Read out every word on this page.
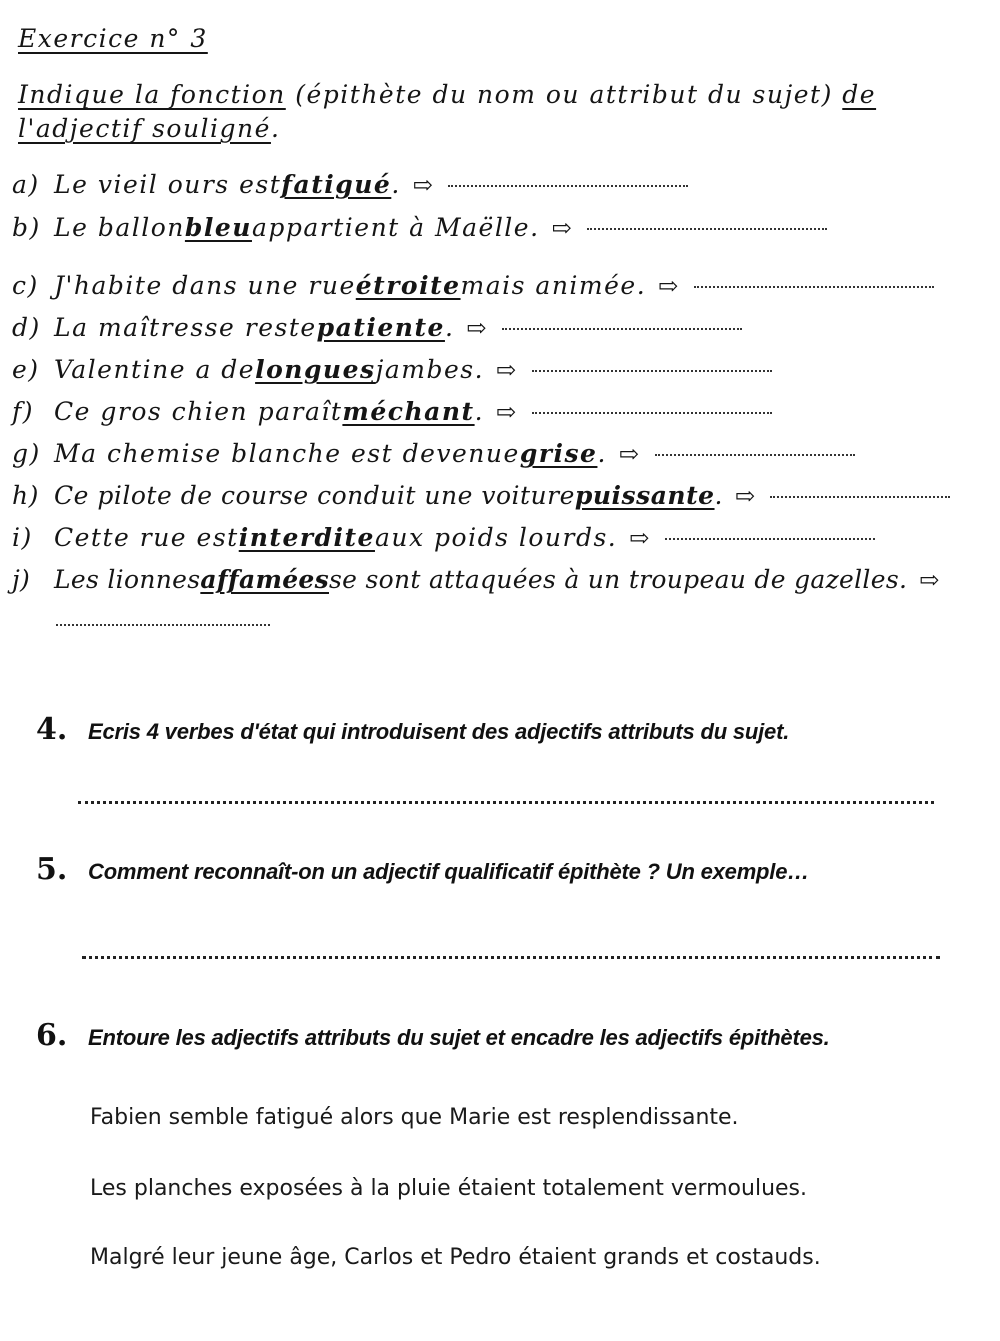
Exercice n° 3
Indique la fonction (épithète du nom ou attribut du sujet) de l'adjectif souligné.
a) Le vieil ours est fatigué . ⇨
b) Le ballon bleu appartient à Maëlle. ⇨
c) J'habite dans une rue étroite mais animée. ⇨
d) La maîtresse reste patiente . ⇨
e) Valentine a de longues jambes. ⇨
f) Ce gros chien paraît méchant . ⇨
g) Ma chemise blanche est devenue grise . ⇨
h) Ce pilote de course conduit une voiture puissante . ⇨
i) Cette rue est interdite aux poids lourds. ⇨
j) Les lionnes affamées se sont attaquées à un troupeau de gazelles. ⇨
4. Ecris 4 verbes d'état qui introduisent des adjectifs attributs du sujet.
5. Comment reconnaît-on un adjectif qualificatif épithète ? Un exemple…
6. Entoure les adjectifs attributs du sujet et encadre les adjectifs épithètes.
Fabien semble fatigué alors que Marie est resplendissante.
Les planches exposées à la pluie étaient totalement vermoulues.
Malgré leur jeune âge, Carlos et Pedro étaient grands et costauds.
